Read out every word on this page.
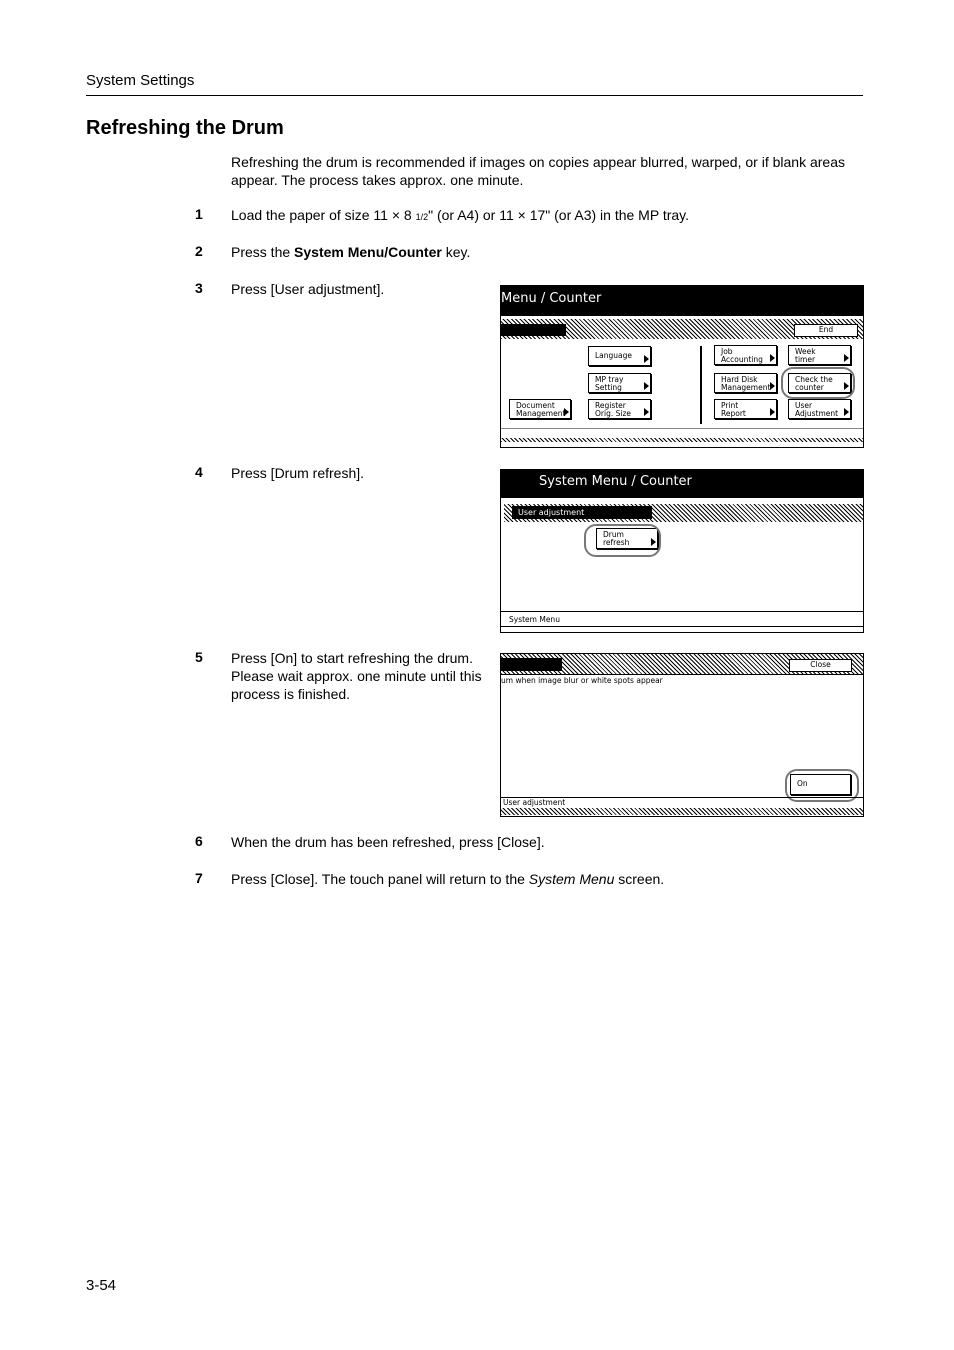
System Settings
Refreshing the Drum
Refreshing the drum is recommended if images on copies appear blurred, warped, or if blank areas appear. The process takes approx. one minute.
1 Load the paper of size 11 × 8 1/2" (or A4) or 11 × 17" (or A3) in the MP tray.
2 Press the System Menu/Counter key.
3 Press [User adjustment].
Menu / Counter
End
Language
MP tray
Setting
Register
Orig. Size
Document
Management
Job
Accounting
Hard Disk
Management
Print
Report
Week
timer
Check the
counter
User
Adjustment
4 Press [Drum refresh].
System Menu / Counter
User adjustment
Drum
refresh
System Menu
5 Press [On] to start refreshing the drum. Please wait approx. one minute until this process is finished.
Close
um when image blur or white spots appear
On
User adjustment
6 When the drum has been refreshed, press [Close].
7 Press [Close]. The touch panel will return to the System Menu screen.
3-54
